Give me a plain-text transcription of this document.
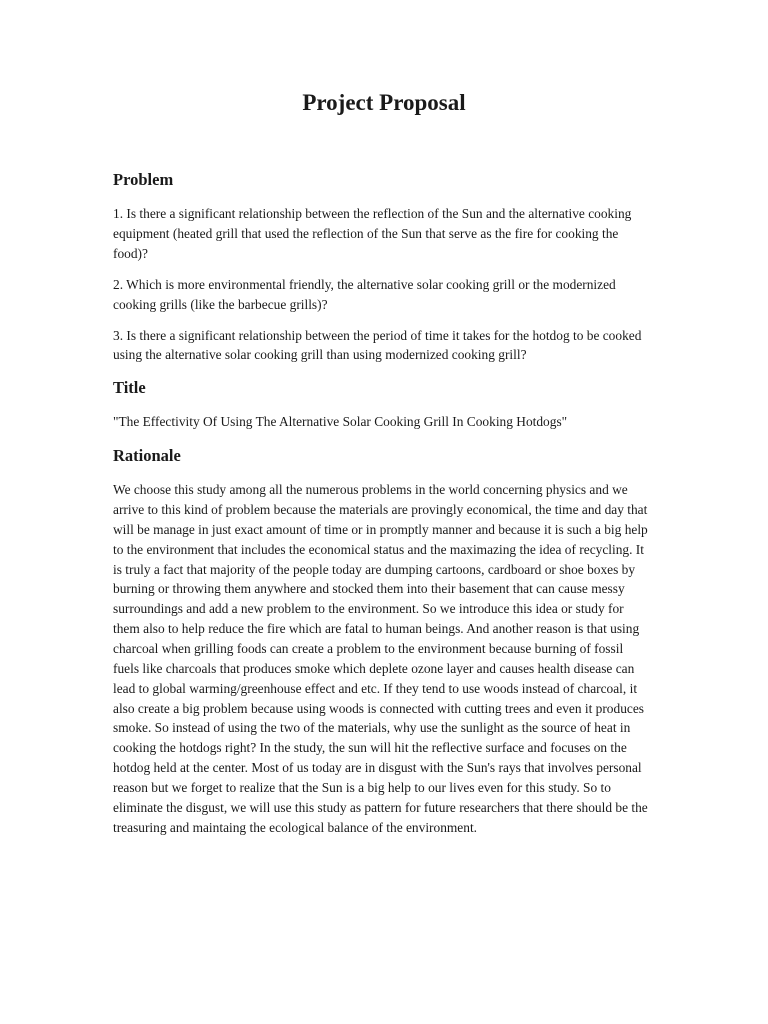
Project Proposal
Problem

1. Is there a significant relationship between the reflection of the Sun and the alternative cooking equipment (heated grill that used the reflection of the Sun that serve as the fire for cooking the food)?

2. Which is more environmental friendly, the alternative solar cooking grill or the modernized cooking grills (like the barbecue grills)?

3. Is there a significant relationship between the period of time it takes for the hotdog to be cooked using the alternative solar cooking grill than using modernized cooking grill?

Title

"The Effectivity Of Using The Alternative Solar Cooking Grill In Cooking Hotdogs"

Rationale

We choose this study among all the numerous problems in the world concerning physics and we arrive to this kind of problem because the materials are provingly economical, the time and day that will be manage in just exact amount of time or in promptly manner and because it is such a big help to the environment that includes the economical status and the maximazing the idea of recycling. It is truly a fact that majority of the people today are dumping cartoons, cardboard or shoe boxes by burning or throwing them anywhere and stocked them into their basement that can cause messy surroundings and add a new problem to the environment. So we introduce this idea or study for them also to help reduce the fire which are fatal to human beings. And another reason is that using charcoal when grilling foods can create a problem to the environment because burning of fossil fuels like charcoals that produces smoke which deplete ozone layer and causes health disease can lead to global warming/greenhouse effect and etc. If they tend to use woods instead of charcoal, it also create a big problem because using woods is connected with cutting trees and even it produces smoke. So instead of using the two of the materials, why use the sunlight as the source of heat in cooking the hotdogs right? In the study, the sun will hit the reflective surface and focuses on the hotdog held at the center. Most of us today are in disgust with the Sun's rays that involves personal reason but we forget to realize that the Sun is a big help to our lives even for this study. So to eliminate the disgust, we will use this study as pattern for future researchers that there should be the treasuring and maintaing the ecological balance of the environment.
